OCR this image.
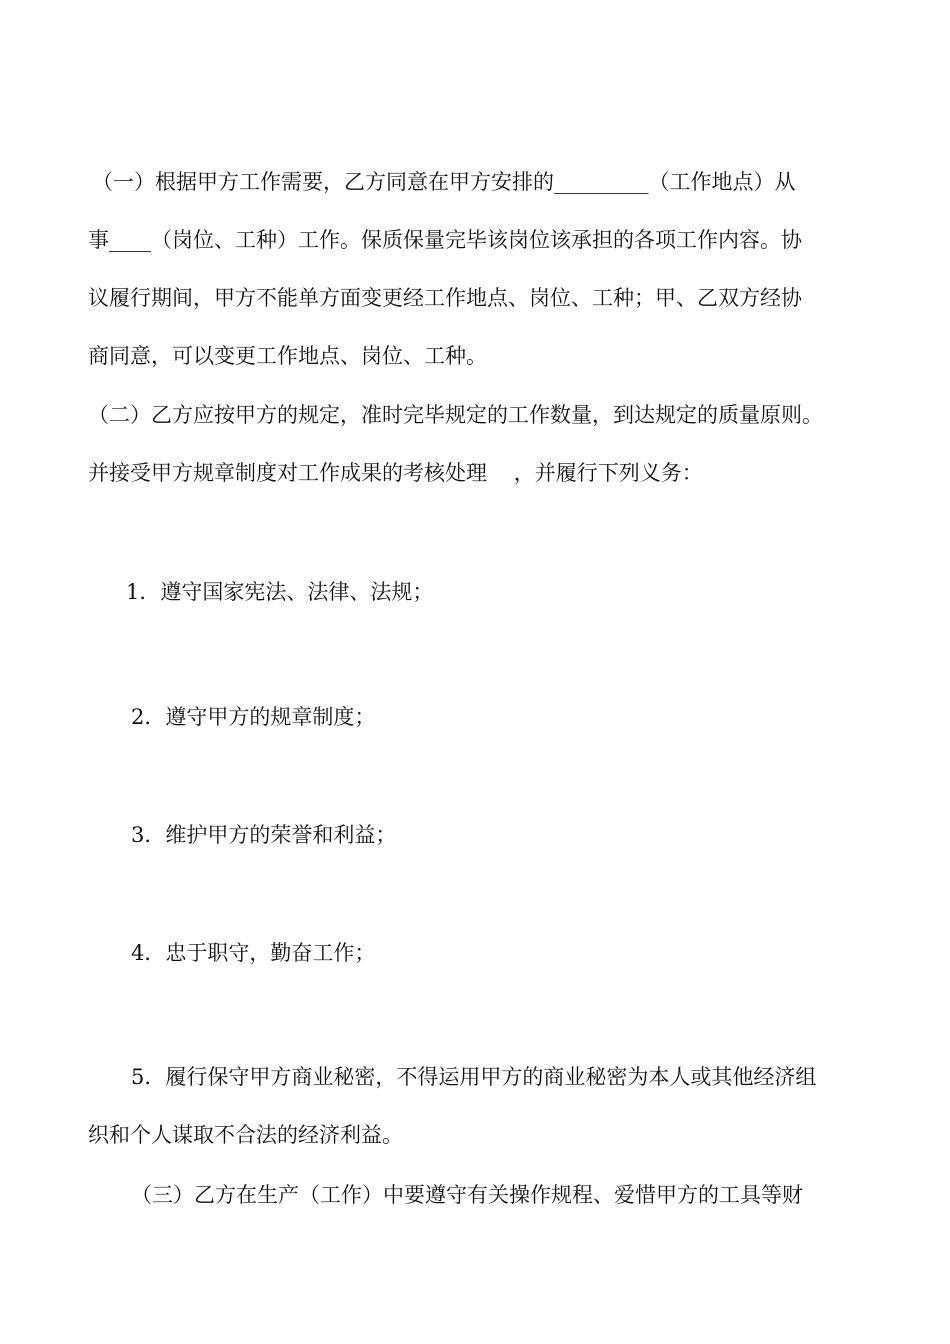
（一）根据甲方工作需要，乙方同意在甲方安排的_________（工作地点）从
事____（岗位、工种）工作。保质保量完毕该岗位该承担的各项工作内容。协
议履行期间，甲方不能单方面变更经工作地点、岗位、工种；甲、乙双方经协
商同意，可以变更工作地点、岗位、工种。
（二）乙方应按甲方的规定，准时完毕规定的工作数量，到达规定的质量原则。
并接受甲方规章制度对工作成果的考核处理    ，并履行下列义务：
1．遵守国家宪法、法律、法规；
2．遵守甲方的规章制度；
3．维护甲方的荣誉和利益；
4．忠于职守，勤奋工作；
5．履行保守甲方商业秘密，不得运用甲方的商业秘密为本人或其他经济组
织和个人谋取不合法的经济利益。
（三）乙方在生产（工作）中要遵守有关操作规程、爱惜甲方的工具等财
